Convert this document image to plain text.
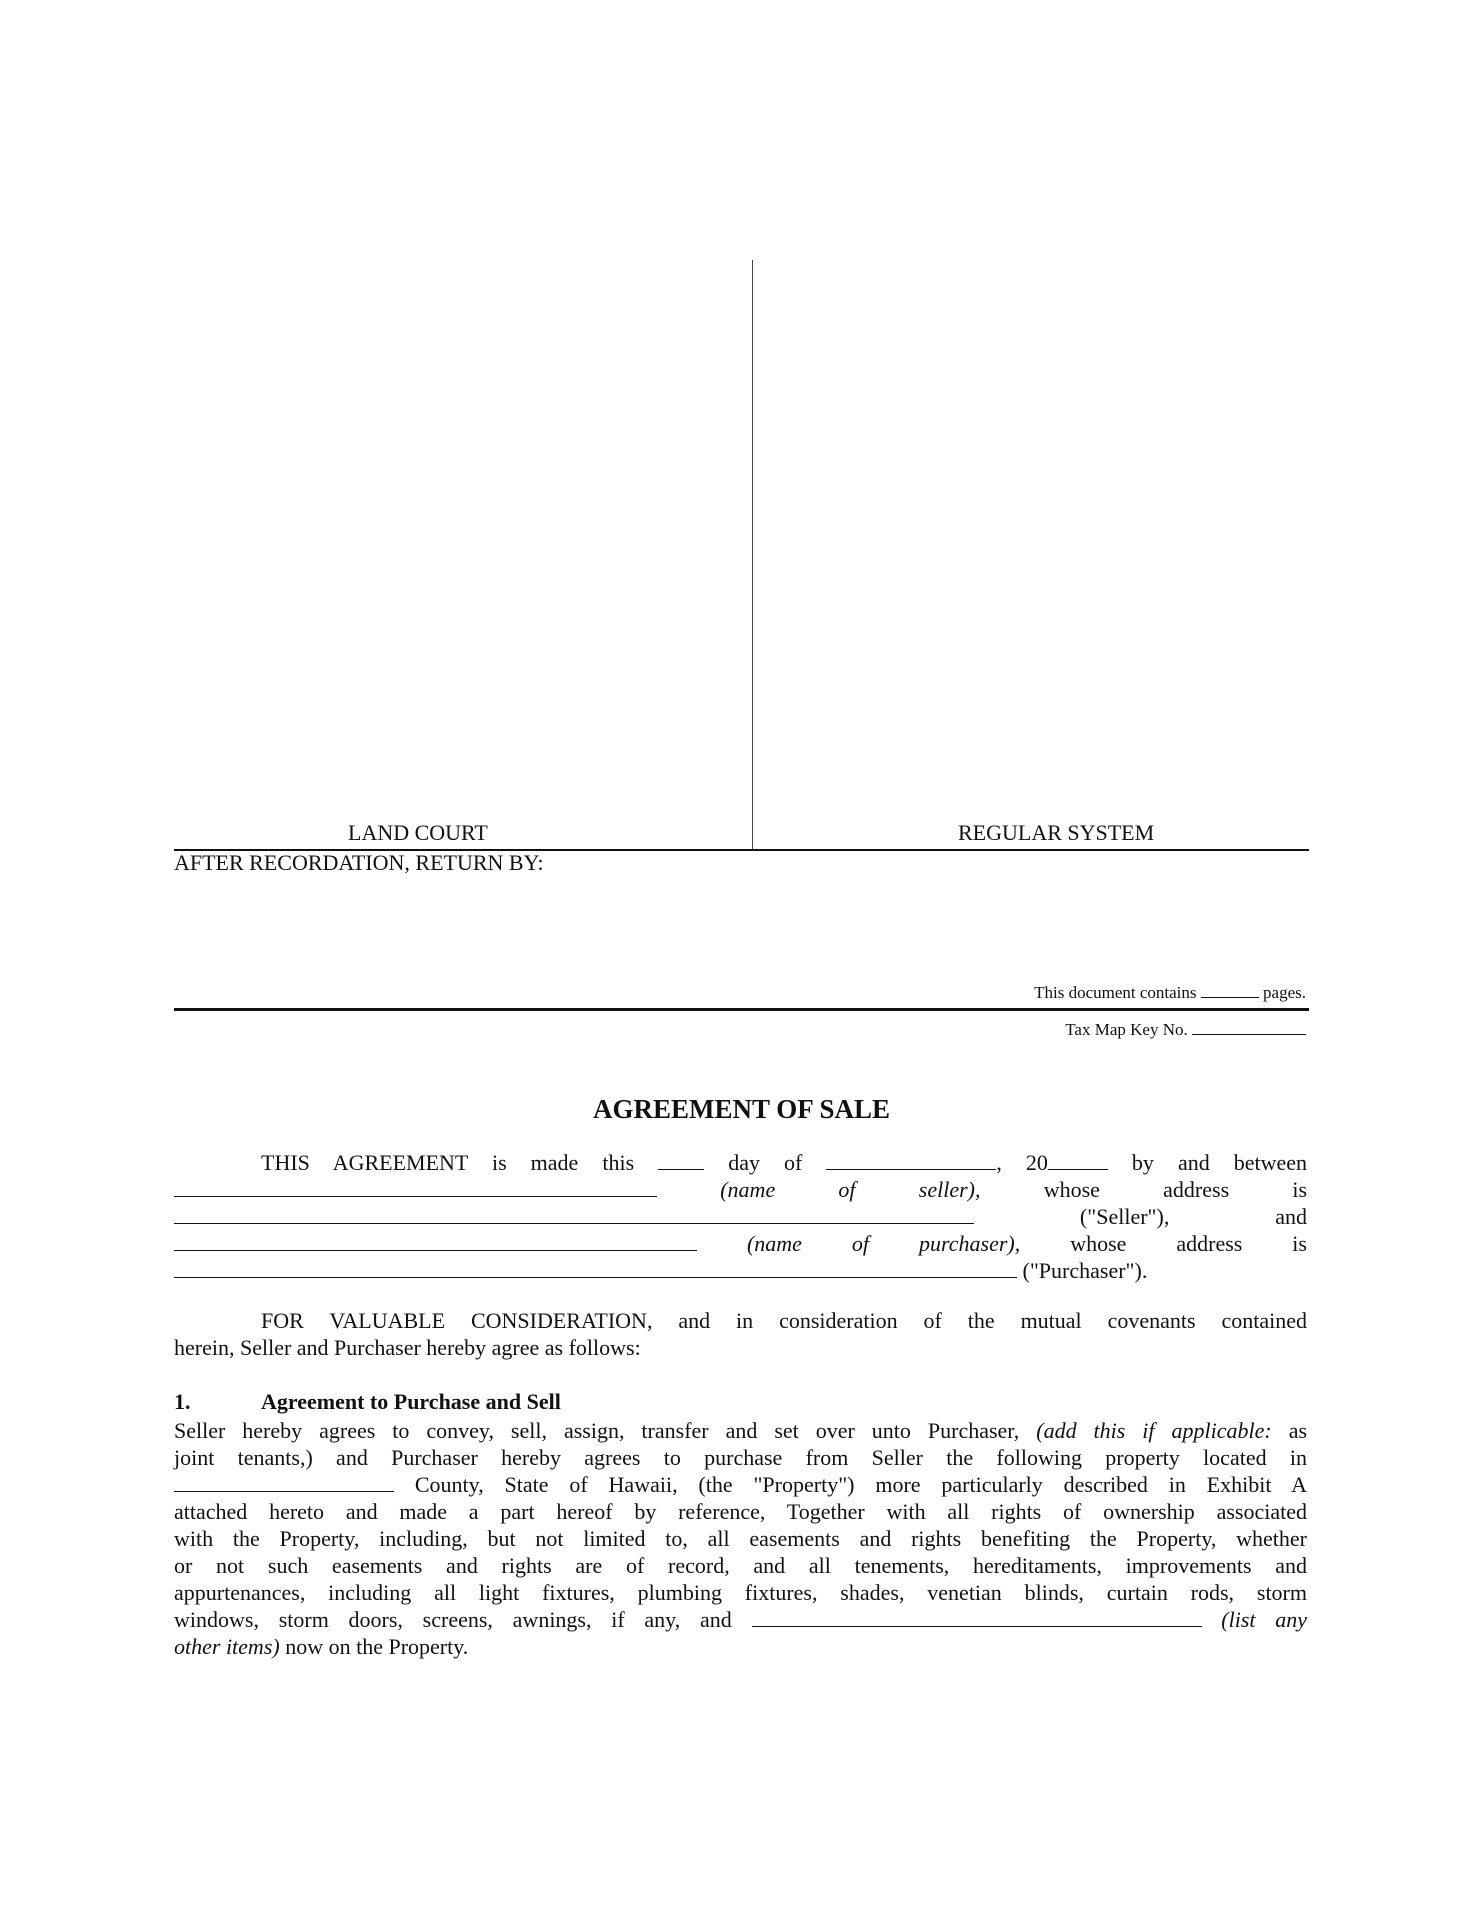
LAND COURT	REGULAR SYSTEM
AFTER RECORDATION, RETURN BY:
This document contains	pages.
Tax Map Key No.
AGREEMENT OF SALE
THIS AGREEMENT is made this	day of	, 20	by and between
(name of seller),	whose address is
("Seller"), and
(name of purchaser), whose address is
("Purchaser").
FOR VALUABLE CONSIDERATION, and in consideration of the mutual covenants contained
herein, Seller and Purchaser hereby agree as follows:
1.	Agreement to Purchase and Sell
Seller hereby agrees to convey, sell, assign, transfer and set over unto Purchaser, (add this if applicable: as
joint tenants,) and Purchaser hereby agrees to purchase from Seller the following property located in
County, State of Hawaii, (the "Property") more particularly described in Exhibit A
attached hereto and made a part hereof by reference, Together with all rights of ownership associated
with the Property, including, but not limited to, all easements and rights benefiting the Property, whether
or not such easements and rights are of record, and all tenements, hereditaments, improvements and
appurtenances, including all light fixtures, plumbing fixtures, shades, venetian blinds, curtain rods, storm
windows, storm doors, screens, awnings, if any, and	(list any
other items) now on the Property.
